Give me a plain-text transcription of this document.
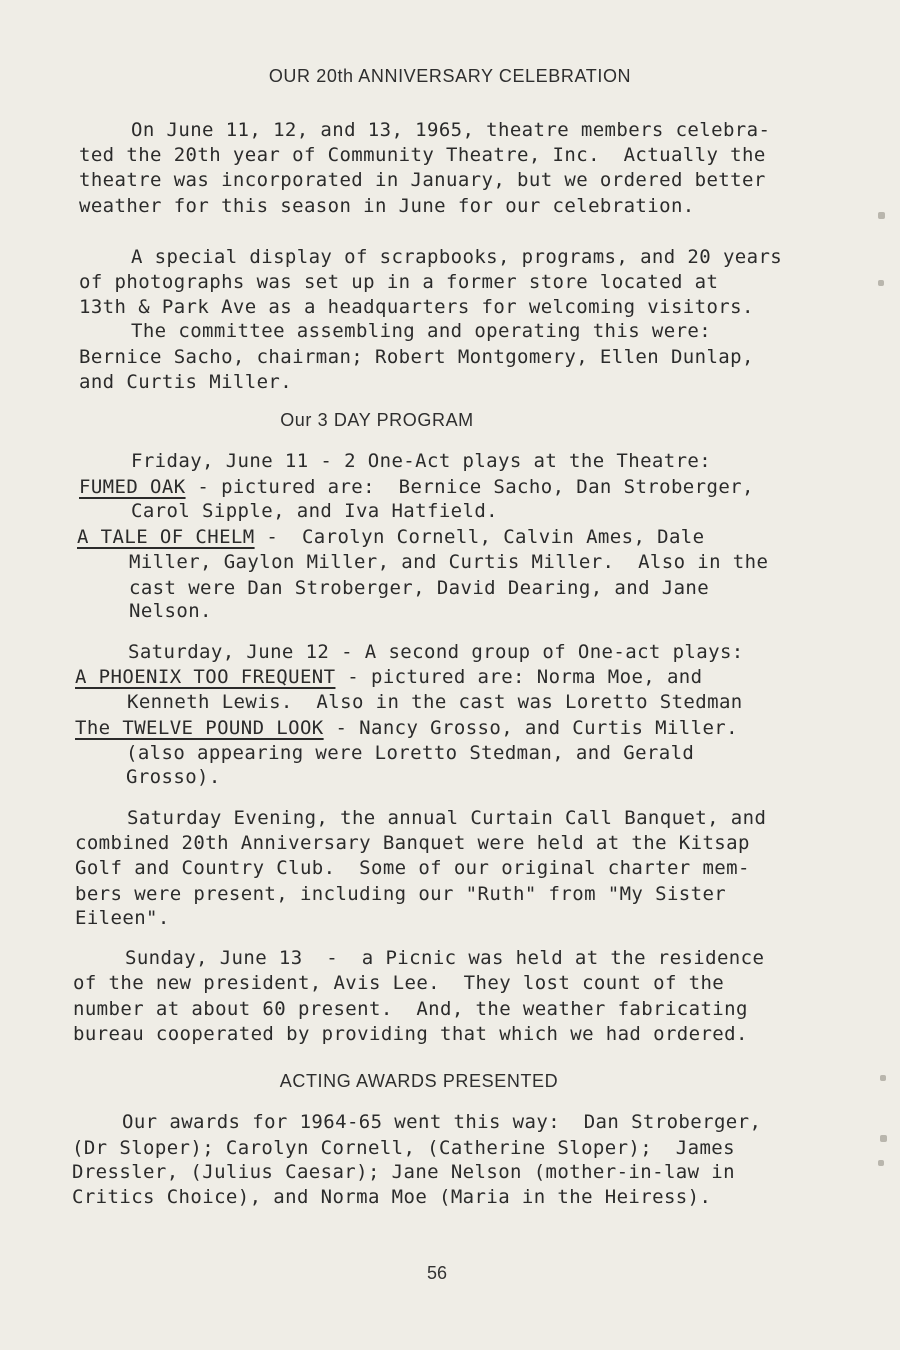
OUR 20th ANNIVERSARY CELEBRATION
On June 11, 12, and 13, 1965, theatre members celebra-
ted the 20th year of Community Theatre, Inc.  Actually the
theatre was incorporated in January, but we ordered better
weather for this season in June for our celebration.
A special display of scrapbooks, programs, and 20 years
of photographs was set up in a former store located at
13th & Park Ave as a headquarters for welcoming visitors.
The committee assembling and operating this were:
Bernice Sacho, chairman; Robert Montgomery, Ellen Dunlap,
and Curtis Miller.
Our 3 DAY PROGRAM
Friday, June 11 - 2 One-Act plays at the Theatre:
FUMED OAK - pictured are:  Bernice Sacho, Dan Stroberger,
Carol Sipple, and Iva Hatfield.
A TALE OF CHELM -  Carolyn Cornell, Calvin Ames, Dale
Miller, Gaylon Miller, and Curtis Miller.  Also in the
cast were Dan Stroberger, David Dearing, and Jane
Nelson.
Saturday, June 12 - A second group of One-act plays:
A PHOENIX TOO FREQUENT - pictured are: Norma Moe, and
Kenneth Lewis.  Also in the cast was Loretto Stedman
The TWELVE POUND LOOK - Nancy Grosso, and Curtis Miller.
(also appearing were Loretto Stedman, and Gerald
Grosso).
Saturday Evening, the annual Curtain Call Banquet, and
combined 20th Anniversary Banquet were held at the Kitsap
Golf and Country Club.  Some of our original charter mem-
bers were present, including our "Ruth" from "My Sister
Eileen".
Sunday, June 13  -  a Picnic was held at the residence
of the new president, Avis Lee.  They lost count of the
number at about 60 present.  And, the weather fabricating
bureau cooperated by providing that which we had ordered.
ACTING AWARDS PRESENTED
Our awards for 1964-65 went this way:  Dan Stroberger,
(Dr Sloper); Carolyn Cornell, (Catherine Sloper);  James
Dressler, (Julius Caesar); Jane Nelson (mother-in-law in
Critics Choice), and Norma Moe (Maria in the Heiress).
56
